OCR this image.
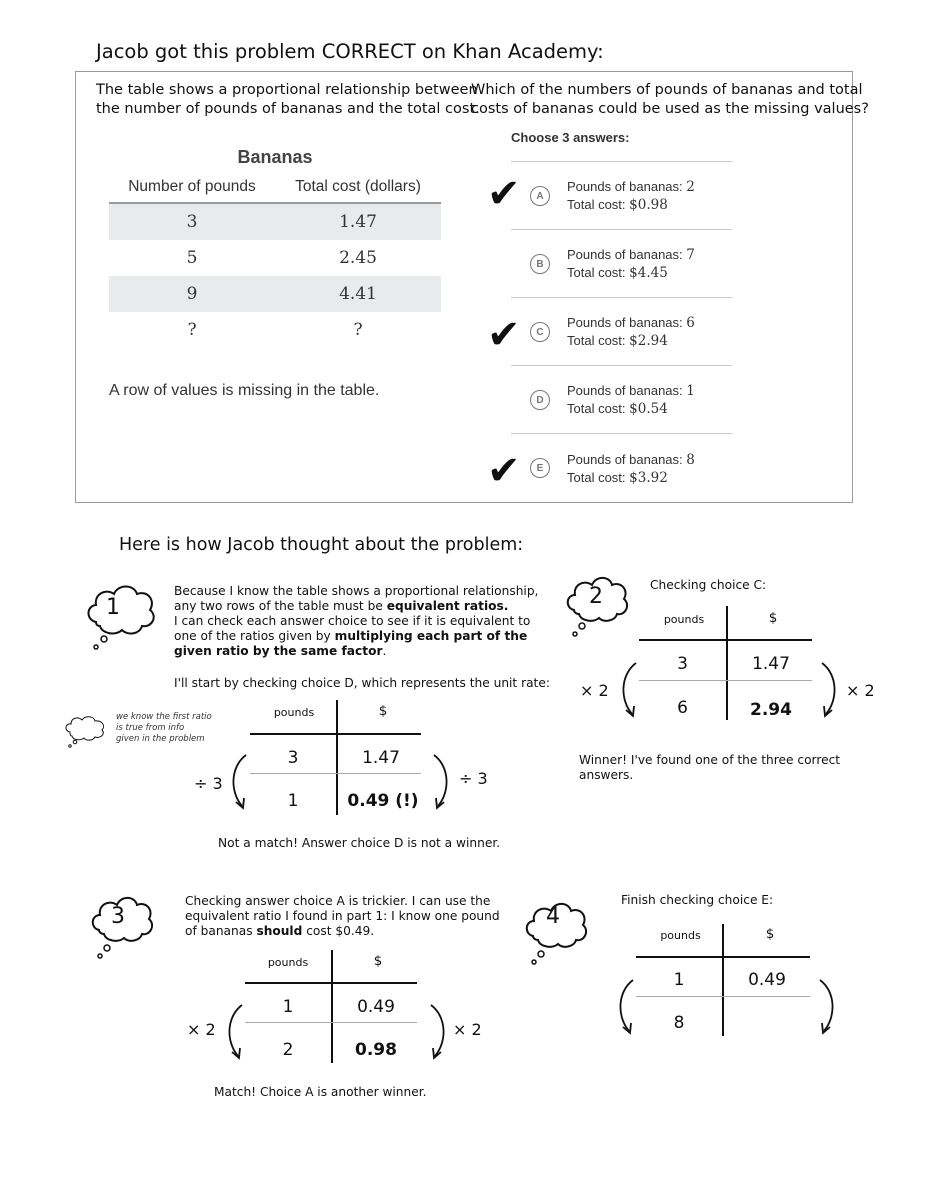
Jacob got this problem CORRECT on Khan Academy:
The table shows a proportional relationship between
the number of pounds of bananas and the total cost.
Which of the numbers of pounds of bananas and total
costs of bananas could be used as the missing values?
Bananas
Number of pounds	Total cost (dollars)
3	1.47
5	2.45
9	4.41
?	?
A row of values is missing in the table.
Choose 3 answers:
✔	A
Pounds of bananas: 2
Total cost: $0.98
B
Pounds of bananas: 7
Total cost: $4.45
✔	C
Pounds of bananas: 6
Total cost: $2.94
D
Pounds of bananas: 1
Total cost: $0.54
✔	E
Pounds of bananas: 8
Total cost: $3.92
Here is how Jacob thought about the problem:
1
Because I know the table shows a proportional relationship,
any two rows of the table must be equivalent ratios.
I can check each answer choice to see if it is equivalent to
one of the ratios given by multiplying each part of the
given ratio by the same factor.
I'll start by checking choice D, which represents the unit rate:
we know the first ratio
is true from info
given in the problem
pounds	$
3	1.47
1	0.49 (!)
÷ 3	÷ 3
Not a match! Answer choice D is not a winner.
2	Checking choice C:
pounds	$
3	1.47
6	2.94
× 2	× 2
Winner! I've found one of the three correct
answers.
3
Checking answer choice A is trickier. I can use the
equivalent ratio I found in part 1: I know one pound
of bananas should cost $0.49.
pounds	$
1	0.49
2	0.98
× 2	× 2
Match! Choice A is another winner.
4
Finish checking choice E:
pounds	$
1	0.49
8
